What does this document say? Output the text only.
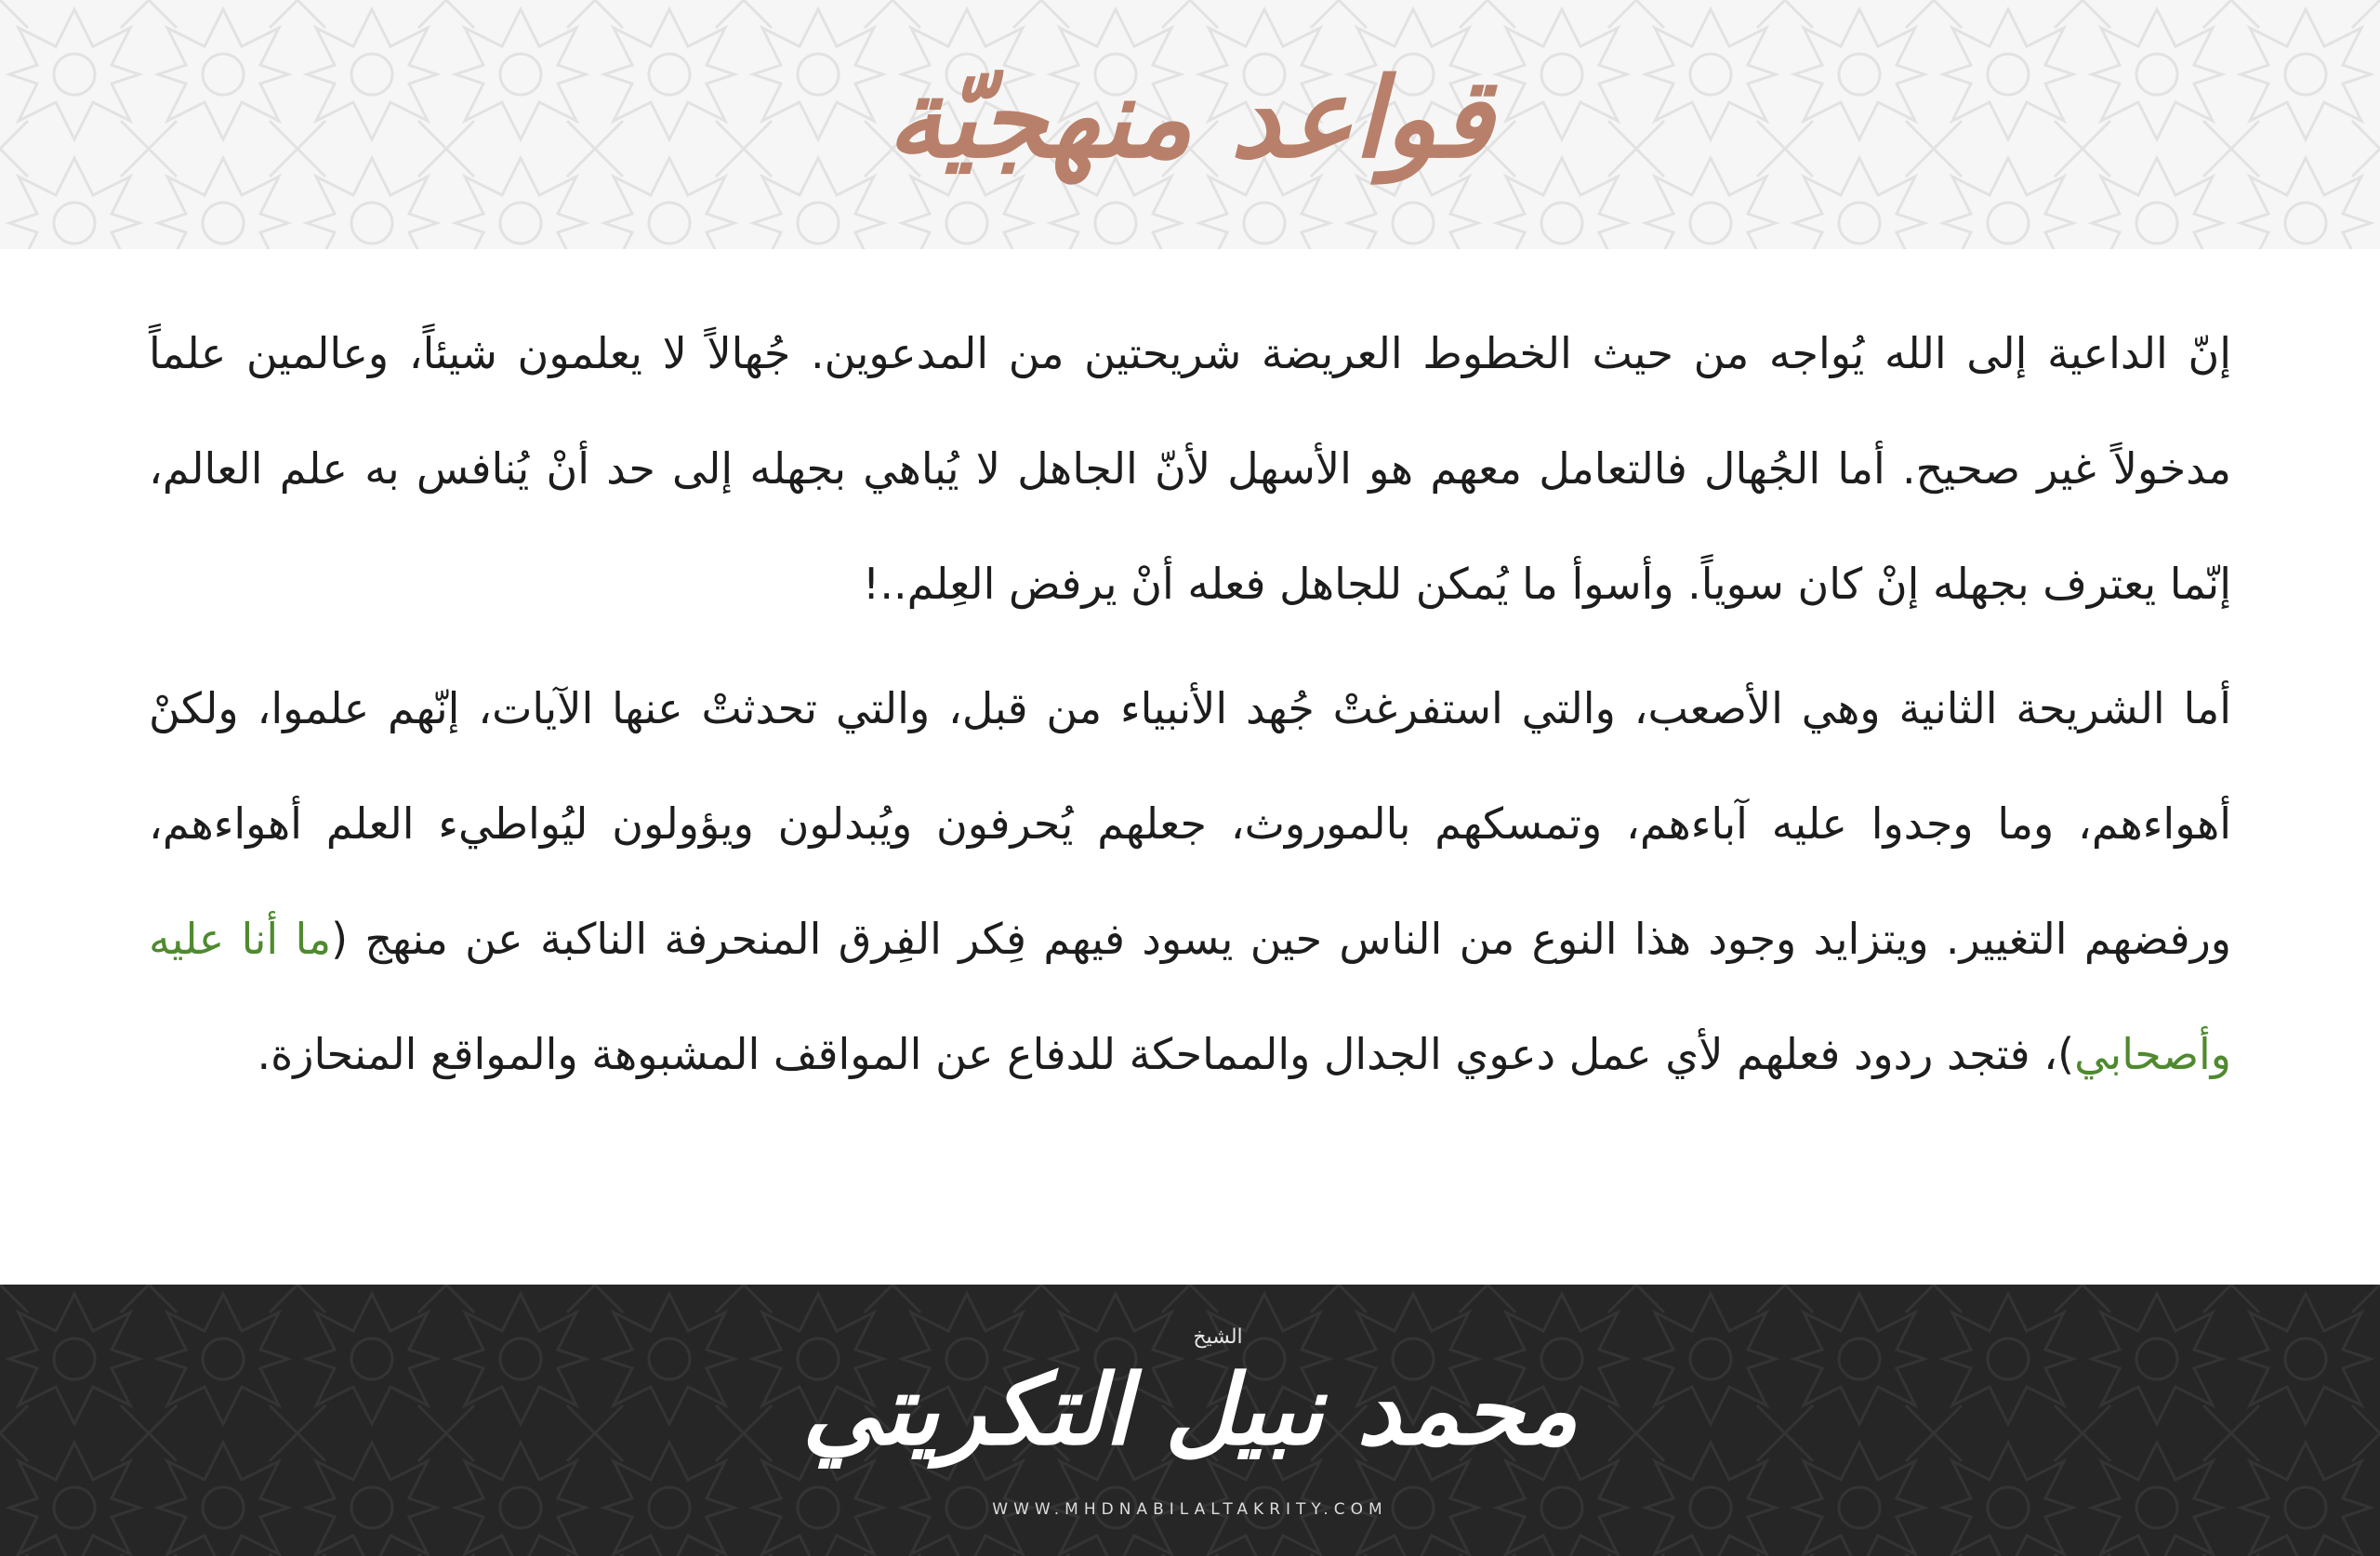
قواعد منهجيّة

إنّ الداعية إلى الله يُواجه من حيث الخطوط العريضة شريحتين من المدعوين. جُهالاً لا يعلمون شيئاً، وعالمين علماً مدخولاً غير صحيح. أما الجُهال فالتعامل معهم هو الأسهل لأنّ الجاهل لا يُباهي بجهله إلى حد أنْ يُنافس به علم العالم، إنّما يعترف بجهله إنْ كان سوياً. وأسوأ ما يُمكن للجاهل فعله أنْ يرفض العِلم..!

أما الشريحة الثانية وهي الأصعب، والتي استفرغتْ جُهد الأنبياء من قبل، والتي تحدثتْ عنها الآيات، إنّهم علموا، ولكنْ أهواءهم، وما وجدوا عليه آباءهم، وتمسكهم بالموروث، جعلهم يُحرفون ويُبدلون ويؤولون ليُواطيء العلم أهواءهم، ورفضهم التغيير. ويتزايد وجود هذا النوع من الناس حين يسود فيهم فِكر الفِرق المنحرفة الناكبة عن منهج (ما أنا عليه وأصحابي)، فتجد ردود فعلهم لأي عمل دعوي الجدال والمماحكة للدفاع عن المواقف المشبوهة والمواقع المنحازة.

الشيخ
محمد نبيل التكريتي
WWW.MHDNABILALTAKRITY.COM
